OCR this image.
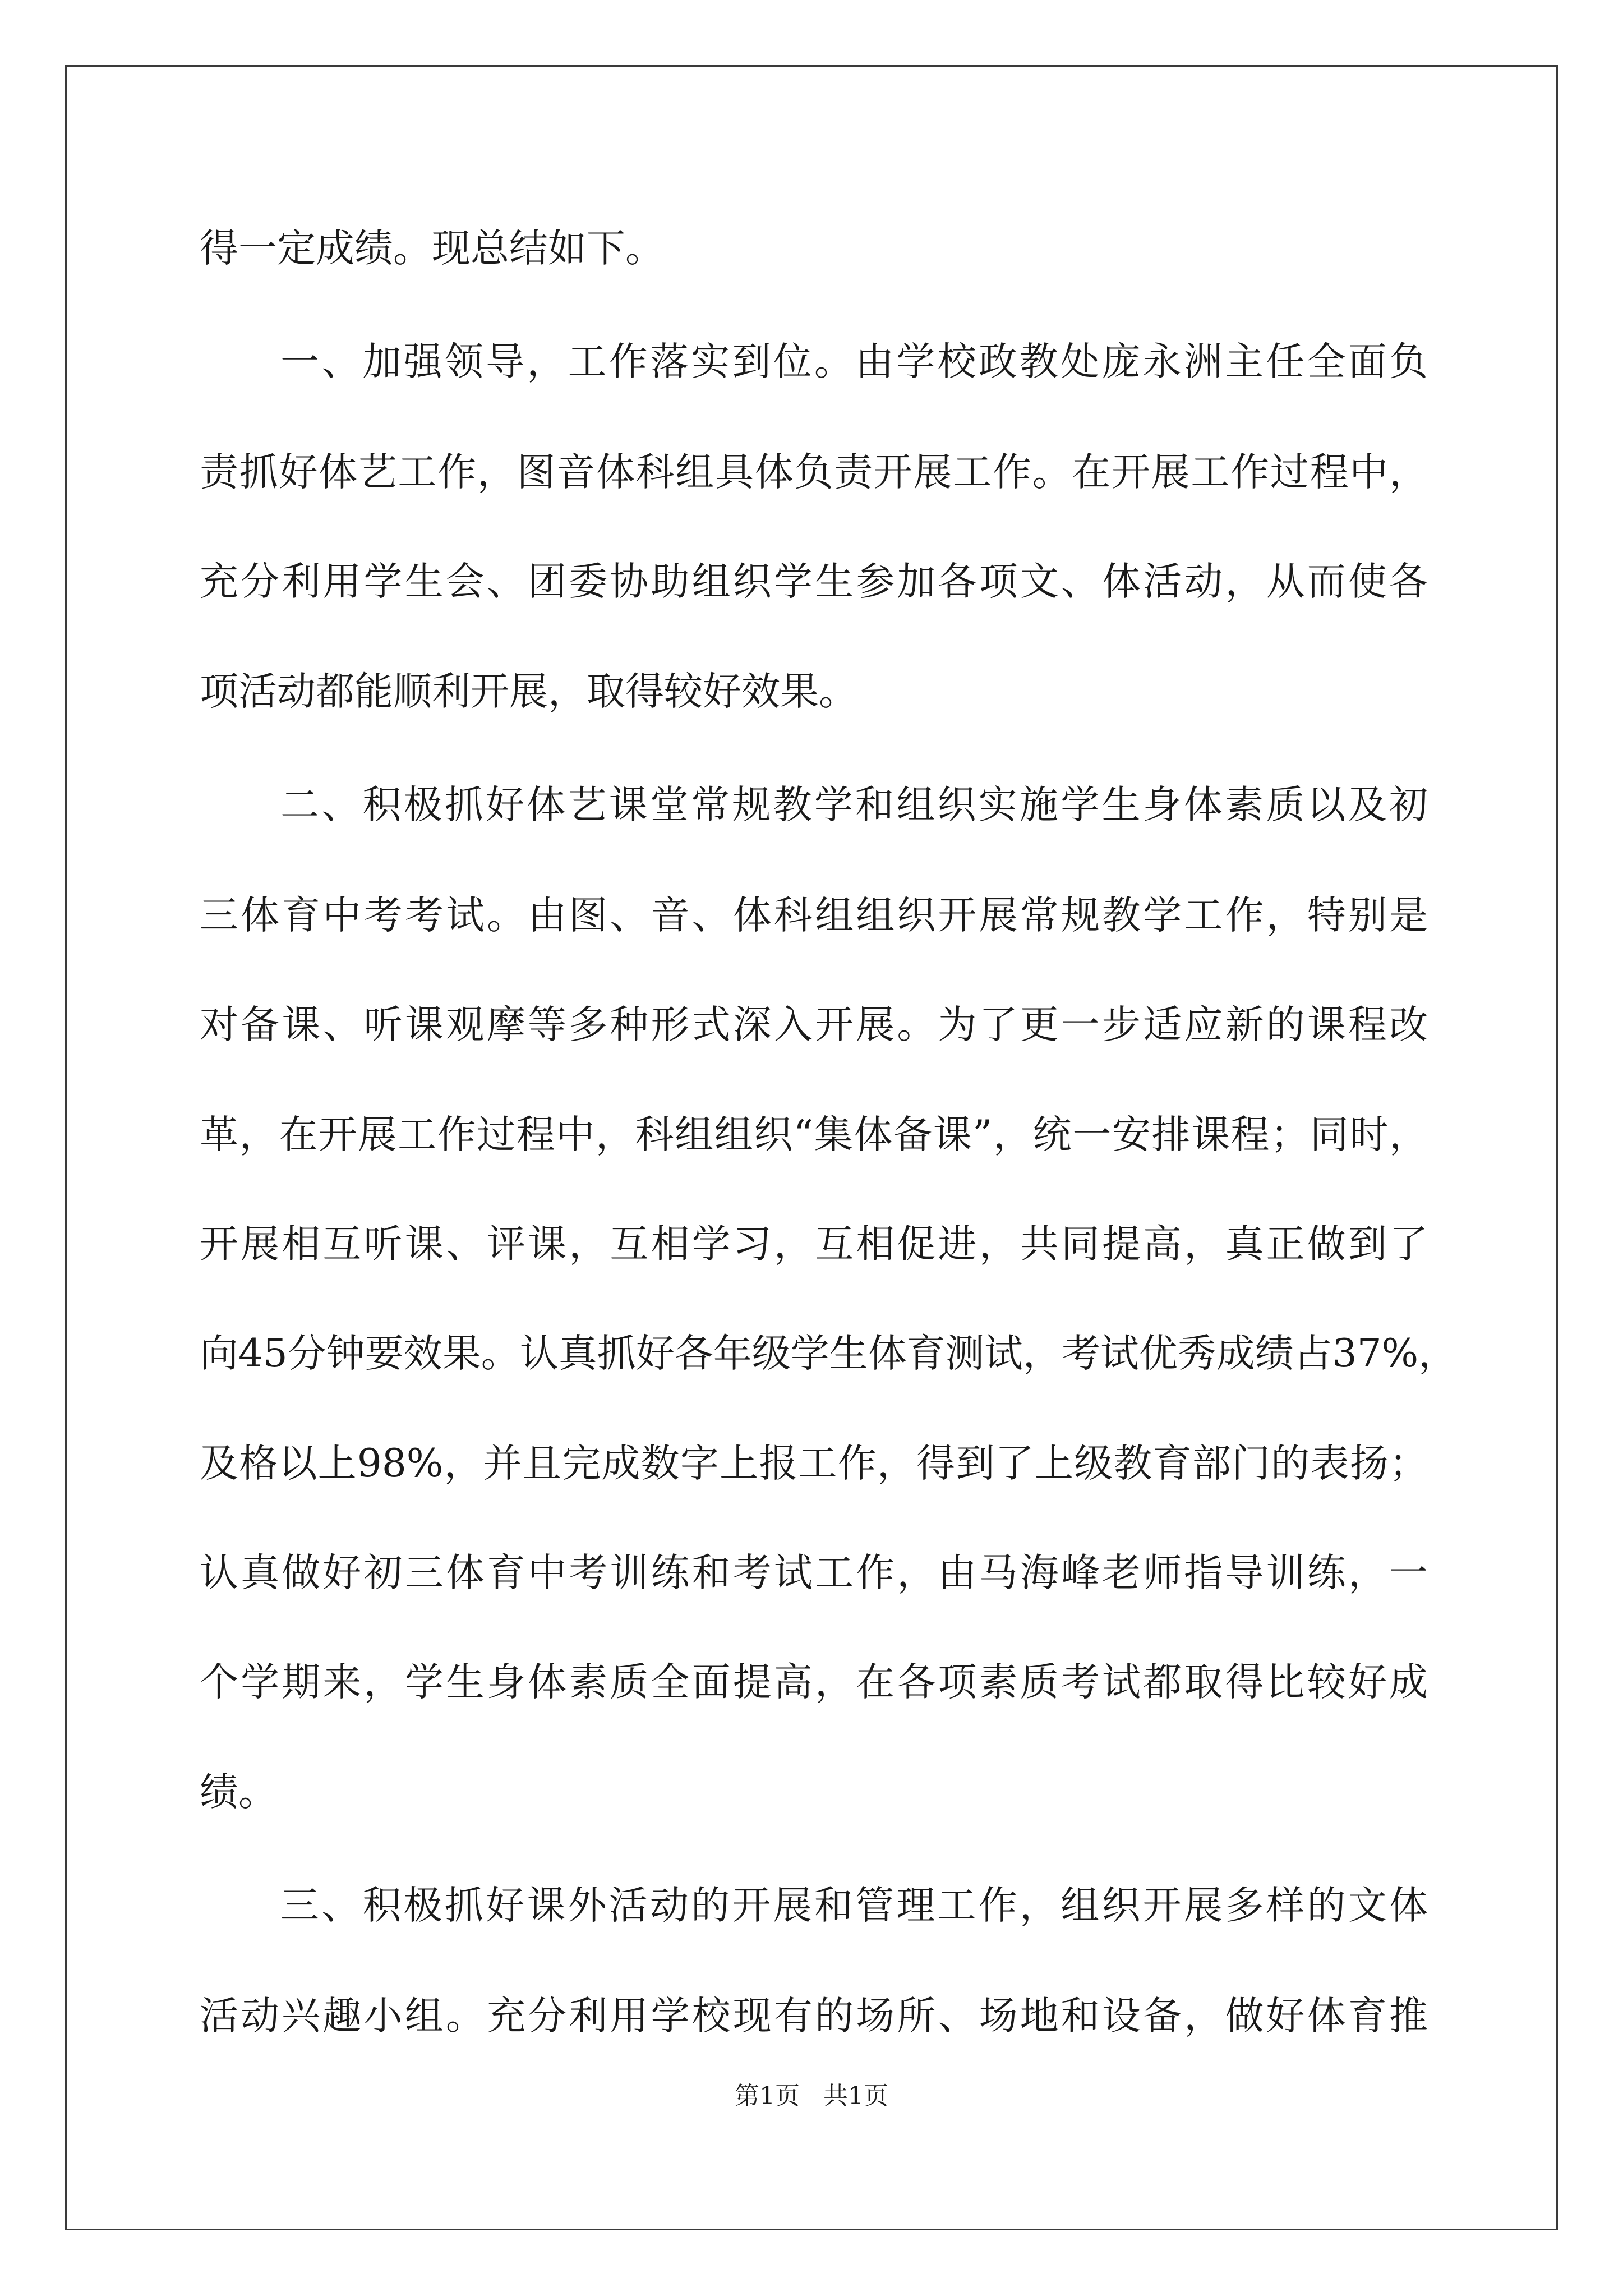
得一定成绩。现总结如下。

一、加强领导，工作落实到位。由学校政教处庞永洲主任全面负

责抓好体艺工作，图音体科组具体负责开展工作。在开展工作过程中，

充分利用学生会、团委协助组织学生参加各项文、体活动，从而使各

项活动都能顺利开展，取得较好效果。

二、积极抓好体艺课堂常规教学和组织实施学生身体素质以及初

三体育中考考试。由图、音、体科组组织开展常规教学工作，特别是

对备课、听课观摩等多种形式深入开展。为了更一步适应新的课程改

革，在开展工作过程中，科组组织“集体备课”，统一安排课程；同时，

开展相互听课、评课，互相学习，互相促进，共同提高，真正做到了

向45分钟要效果。认真抓好各年级学生体育测试，考试优秀成绩占37%，

及格以上98%，并且完成数字上报工作，得到了上级教育部门的表扬；

认真做好初三体育中考训练和考试工作，由马海峰老师指导训练，一

个学期来，学生身体素质全面提高，在各项素质考试都取得比较好成

绩。

三、积极抓好课外活动的开展和管理工作，组织开展多样的文体

活动兴趣小组。充分利用学校现有的场所、场地和设备，做好体育推

第1页   共1页
